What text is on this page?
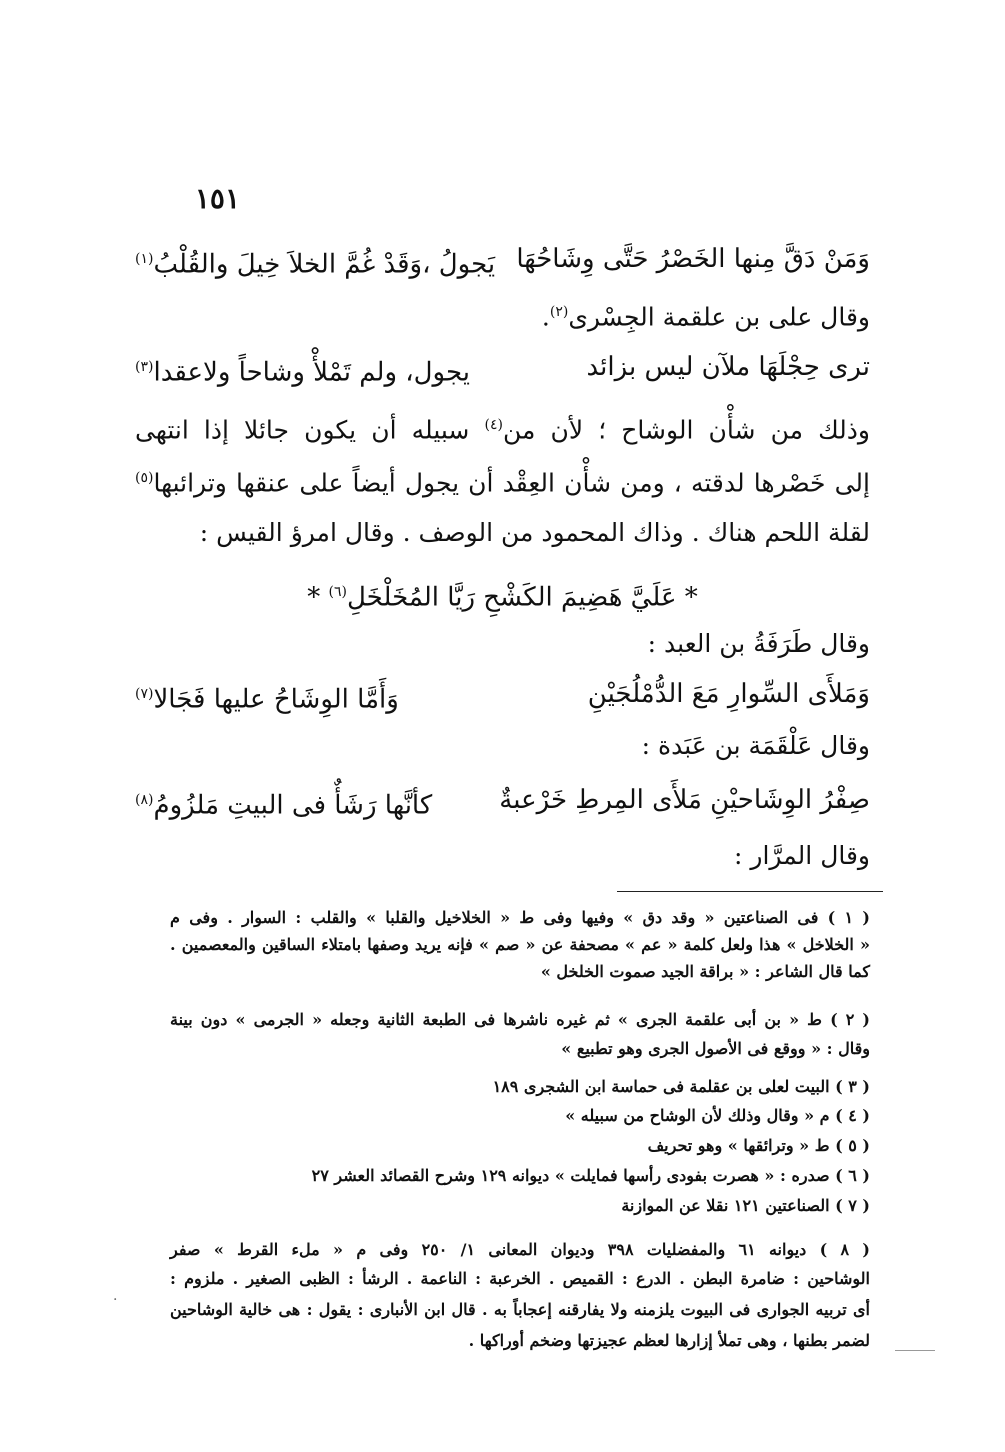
١٥١
وَمَنْ دَقَّ مِنها الخَصْرُ حَتَّى وِشَاحُهَا
يَجولُ ،وَقَدْ غُمَّ الخلاَ خِيلَ والقُلْبُ$^{(١)}$
وقال على بن علقمة الجِسْرى$^{(٢)}$.
ترى حِجْلَهَا ملآن ليس بزائد
يجول، ولم تَمْلأْ وشاحاً ولاعقدا$^{(٣)}$
وذلك من شأْن الوشاح ؛ لأن من$^{(٤)}$ سبيله أن يكون جائلا إذا انتهى
إلى خَصْرها لدقته ، ومن شأْن العِقْد أن يجول أيضاً على عنقها وترائبها$^{(٥)}$
لقلة اللحم هناك . وذاك المحمود من الوصف . وقال امرؤ القيس :
* عَلَيَّ هَضِيمَ الكَشْحِ رَيَّا المُخَلْخَلِ$^{(٦)}$ *
وقال طَرَفَةُ بن العبد :
وَمَلأَى السِّوارِ مَعَ الدُّمْلُجَيْنِ
وَأَمَّا الوِشَاحُ عليها فَجَالا$^{(٧)}$
وقال عَلْقَمَة بن عَبَدة :
صِفْرُ الوِشَاحيْنِ مَلأَى المِرطِ خَرْعبةٌ
كأنَّها رَشَأٌ فى البيتِ مَلزُومُ$^{(٨)}$
وقال المرَّار :
( ١ ) فى الصناعتين « وقد دق » وفيها وفى ط « الخلاخيل والقلبا » والقلب : السوار . وفى م
« الخلاخل » هذا ولعل كلمة « عم » مصحفة عن « صم » فإنه يريد وصفها بامتلاء الساقين والمعصمين .
كما قال الشاعر : « براقة الجيد صموت الخلخل »
( ٢ ) ط « بن أبى علقمة الجرى » ثم غيره ناشرها فى الطبعة الثانية وجعله « الجرمى » دون بينة
وقال : « ووقع فى الأصول الجرى وهو تطبيع »
( ٣ ) البيت لعلى بن عقلمة فى حماسة ابن الشجرى ١٨٩
( ٤ ) م « وقال وذلك لأن الوشاح من سبيله »
( ٥ ) ط « وترائقها » وهو تحريف
( ٦ ) صدره : « هصرت بفودى رأسها فمايلت » ديوانه ١٢٩ وشرح القصائد العشر ٢٧
( ٧ ) الصناعتين ١٢١ نقلا عن الموازنة
( ٨ ) ديوانه ٦١ والمفضليات ٣٩٨ وديوان المعانى ١/ ٢٥٠ وفى م « ملء القرط » صفر
الوشاحين : ضامرة البطن . الدرع : القميص . الخرعبة : الناعمة . الرشأ : الظبى الصغير . ملزوم :
أى تربيه الجوارى فى البيوت يلزمنه ولا يفارقنه إعجاباً به . قال ابن الأنبارى : يقول : هى خالية الوشاحين
لضمر بطنها ، وهى تملأ إزارها لعظم عجيزتها وضخم أوراكها .
·
